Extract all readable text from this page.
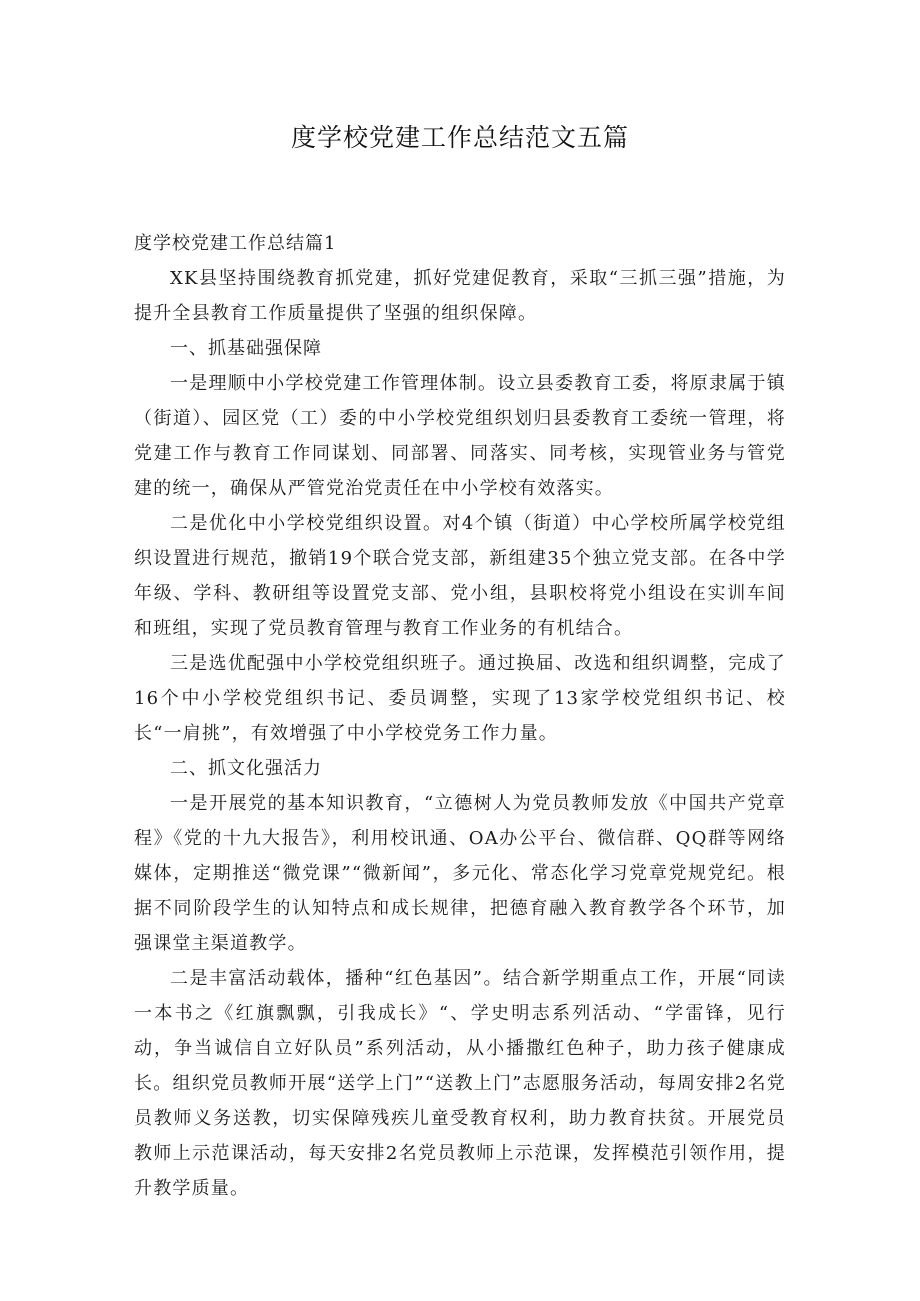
度学校党建工作总结范文五篇

度学校党建工作总结篇1

XK县坚持围绕教育抓党建，抓好党建促教育，采取“三抓三强”措施，为提升全县教育工作质量提供了坚强的组织保障。

一、抓基础强保障

一是理顺中小学校党建工作管理体制。设立县委教育工委，将原隶属于镇（街道）、园区党（工）委的中小学校党组织划归县委教育工委统一管理，将党建工作与教育工作同谋划、同部署、同落实、同考核，实现管业务与管党建的统一，确保从严管党治党责任在中小学校有效落实。

二是优化中小学校党组织设置。对4个镇（街道）中心学校所属学校党组织设置进行规范，撤销19个联合党支部，新组建35个独立党支部。在各中学年级、学科、教研组等设置党支部、党小组，县职校将党小组设在实训车间和班组，实现了党员教育管理与教育工作业务的有机结合。

三是选优配强中小学校党组织班子。通过换届、改选和组织调整，完成了16个中小学校党组织书记、委员调整，实现了13家学校党组织书记、校长“一肩挑”，有效增强了中小学校党务工作力量。

二、抓文化强活力

一是开展党的基本知识教育，“立德树人为党员教师发放《中国共产党章程》《党的十九大报告》，利用校讯通、OA办公平台、微信群、QQ群等网络媒体，定期推送“微党课”“微新闻”，多元化、常态化学习党章党规党纪。根据不同阶段学生的认知特点和成长规律，把德育融入教育教学各个环节，加强课堂主渠道教学。

二是丰富活动载体，播种“红色基因”。结合新学期重点工作，开展“同读一本书之《红旗飘飘，引我成长》“、学史明志系列活动、“学雷锋，见行动，争当诚信自立好队员”系列活动，从小播撒红色种子，助力孩子健康成长。组织党员教师开展“送学上门”“送教上门”志愿服务活动，每周安排2名党员教师义务送教，切实保障残疾儿童受教育权利，助力教育扶贫。开展党员教师上示范课活动，每天安排2名党员教师上示范课，发挥模范引领作用，提升教学质量。
